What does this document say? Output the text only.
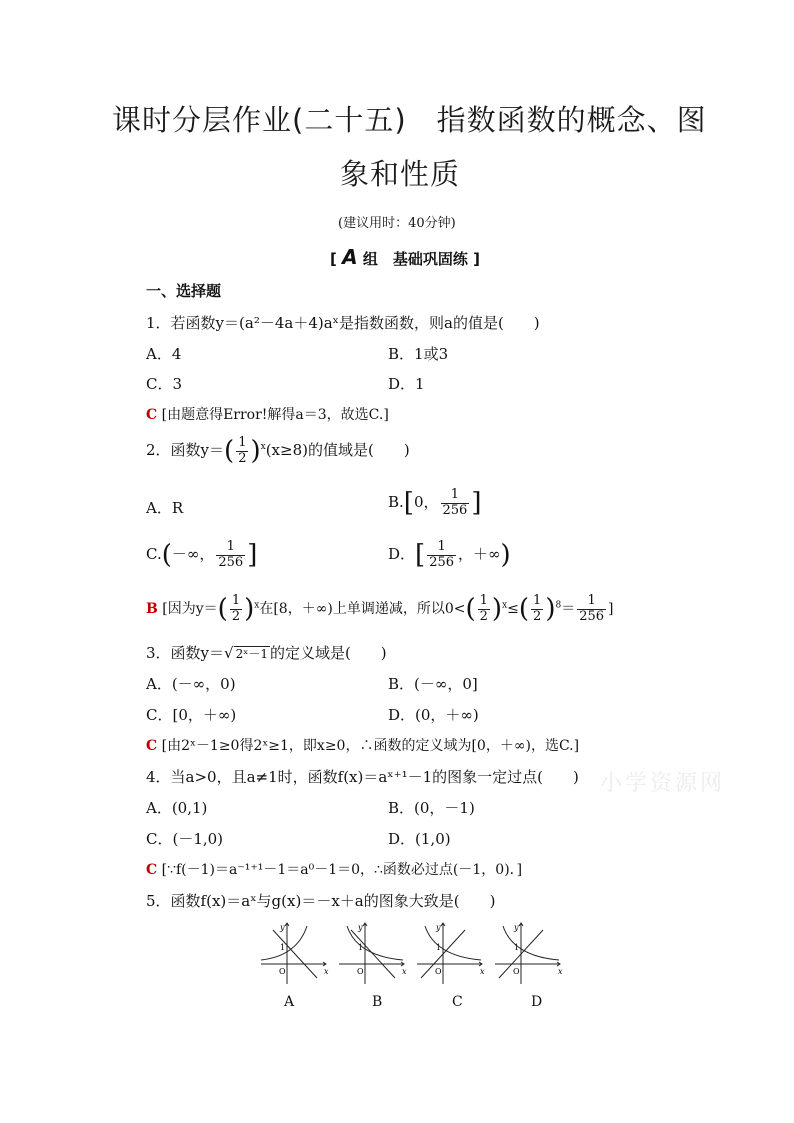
课时分层作业(二十五)　指数函数的概念、图
象和性质
(建议用时：40分钟)
[ A 组　基础巩固练 ]
一、选择题
小学资源网
1．若函数y＝(a²－4a＋4)aˣ是指数函数，则a的值是(　　)
A．4	B．1或3
C．3	D．1
C [由题意得Error!解得a＝3，故选C.]
2．函数$y=( \frac{1}{2} )^x(x\ge 8)$的值域是(　　)
A．R	B.[0， $\frac{1}{256}$ ]
C.(－∞， $\frac{1}{256}$ ]	D．[ $\frac{1}{256}$ ，＋∞)
B [因为$y=( \frac{1}{2} )^x$在[8，＋∞)上单调递减，所以$0<( \frac{1}{2} )^x\le( \frac{1}{2} )^8= \frac{1}{256}$ ]
3．函数y＝√ 2ˣ－1 的定义域是(　　)
A．(－∞，0)	B．(－∞，0]
C．[0，＋∞)	D．(0，＋∞)
C [由2ˣ－1≥0得2ˣ≥1，即x≥0，∴函数的定义域为[0，＋∞)，选C.]
4．当a>0，且a≠1时，函数f(x)＝aˣ⁺¹－1的图象一定过点(　　)
A．(0,1)	B．(0，－1)
C．(－1,0)	D．(1,0)
C [∵f(－1)＝a⁻¹⁺¹－1＝a⁰－1＝0，∴函数必过点(－1，0)．]
5．函数f(x)＝aˣ与g(x)＝－x＋a的图象大致是(　　)
y
x
O
1
y
x
O
1
y
x
O
1
y
x
O
1
A	B	C	D
